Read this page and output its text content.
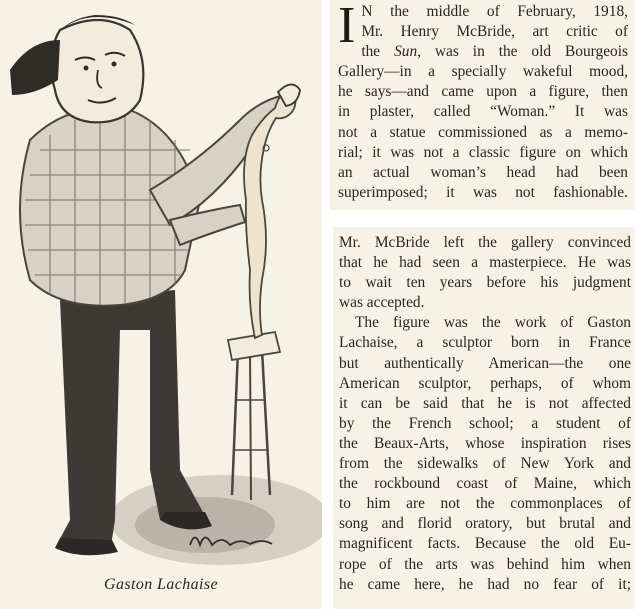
Gaston Lachaise
I N the middle of February, 1918,
Mr. Henry McBride, art critic of
the Sun, was in the old Bourgeois
Gallery—in a specially wakeful mood,
he says—and came upon a figure, then
in plaster, called “Woman.” It was
not a statue commissioned as a memo-
rial; it was not a classic figure on which
an actual woman’s head had been
superimposed; it was not fashionable.
Mr. McBride left the gallery convinced
that he had seen a masterpiece. He was
to wait ten years before his judgment
was accepted.
The figure was the work of Gaston
Lachaise, a sculptor born in France
but authentically American—the one
American sculptor, perhaps, of whom
it can be said that he is not affected
by the French school; a student of
the Beaux-Arts, whose inspiration rises
from the sidewalks of New York and
the rockbound coast of Maine, which
to him are not the commonplaces of
song and florid oratory, but brutal and
magnificent facts. Because the old Eu-
rope of the arts was behind him when
he came here, he had no fear of it;
